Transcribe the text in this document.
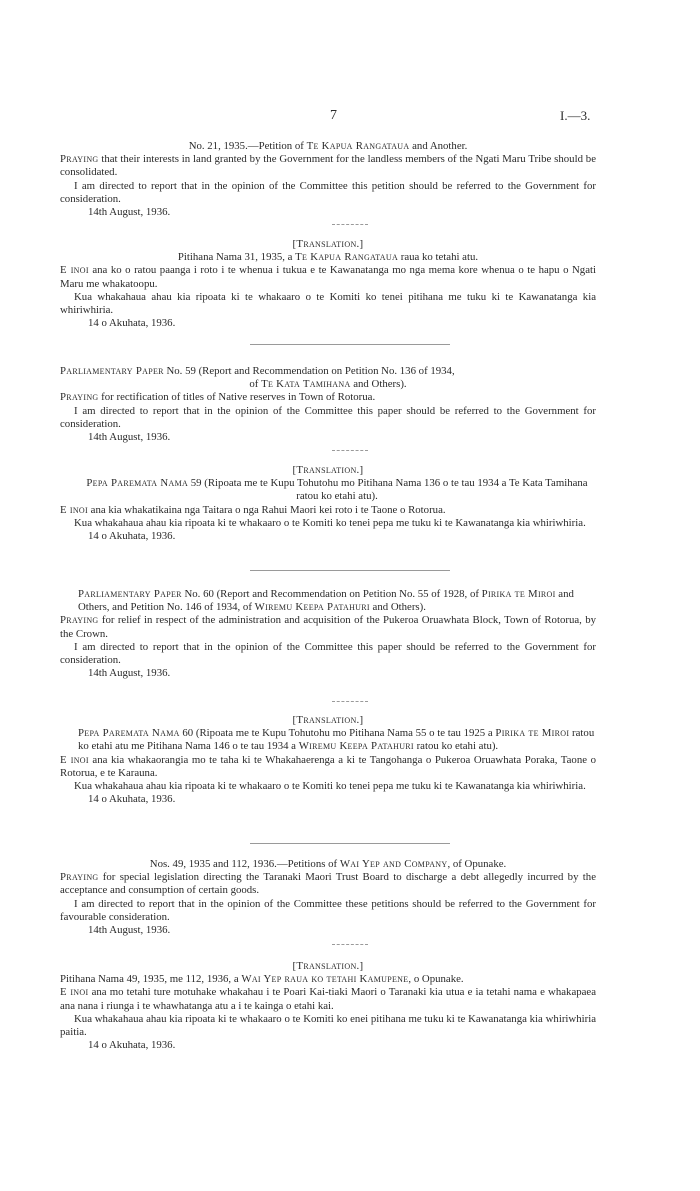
7	I.—3.

No. 21, 1935.—Petition of Te Kapua Rangataua and Another.

Praying that their interests in land granted by the Government for the landless members of the Ngati Maru Tribe should be consolidated.

I am directed to report that in the opinion of the Committee this petition should be referred to the Government for consideration.

14th August, 1936.

[Translation.]

Pitihana Nama 31, 1935, a Te Kapua Rangataua raua ko tetahi atu.

E inoi ana ko o ratou paanga i roto i te whenua i tukua e te Kawanatanga mo nga mema kore whenua o te hapu o Ngati Maru me whakatoopu.

Kua whakahaua ahau kia ripoata ki te whakaaro o te Komiti ko tenei pitihana me tuku ki te Kawanatanga kia whiriwhiria.

14 o Akuhata, 1936.

Parliamentary Paper No. 59 (Report and Recommendation on Petition No. 136 of 1934,

of Te Kata Tamihana and Others).

Praying for rectification of titles of Native reserves in Town of Rotorua.

I am directed to report that in the opinion of the Committee this paper should be referred to the Government for consideration.

14th August, 1936.

[Translation.]

Pepa Paremata Nama 59 (Ripoata me te Kupu Tohutohu mo Pitihana Nama 136 o te tau 1934 a Te Kata Tamihana ratou ko etahi atu).

E inoi ana kia whakatikaina nga Taitara o nga Rahui Maori kei roto i te Taone o Rotorua.

Kua whakahaua ahau kia ripoata ki te whakaaro o te Komiti ko tenei pepa me tuku ki te Kawanatanga kia whiriwhiria.

14 o Akuhata, 1936.

Parliamentary Paper No. 60 (Report and Recommendation on Petition No. 55 of 1928, of Pirika te Miroi and Others, and Petition No. 146 of 1934, of Wiremu Keepa Patahuri and Others).

Praying for relief in respect of the administration and acquisition of the Pukeroa Oruawhata Block, Town of Rotorua, by the Crown.

I am directed to report that in the opinion of the Committee this paper should be referred to the Government for consideration.

14th August, 1936.

[Translation.]

Pepa Paremata Nama 60 (Ripoata me te Kupu Tohutohu mo Pitihana Nama 55 o te tau 1925 a Pirika te Miroi ratou ko etahi atu me Pitihana Nama 146 o te tau 1934 a Wiremu Keepa Patahuri ratou ko etahi atu).

E inoi ana kia whakaorangia mo te taha ki te Whakahaerenga a ki te Tangohanga o Pukeroa Oruawhata Poraka, Taone o Rotorua, e te Karauna.

Kua whakahaua ahau kia ripoata ki te whakaaro o te Komiti ko tenei pepa me tuku ki te Kawanatanga kia whiriwhiria.

14 o Akuhata, 1936.

Nos. 49, 1935 and 112, 1936.—Petitions of Wai Yep and Company, of Opunake.

Praying for special legislation directing the Taranaki Maori Trust Board to discharge a debt allegedly incurred by the acceptance and consumption of certain goods.

I am directed to report that in the opinion of the Committee these petitions should be referred to the Government for favourable consideration.

14th August, 1936.

[Translation.]

Pitihana Nama 49, 1935, me 112, 1936, a Wai Yep raua ko tetahi Kamupene, o Opunake.

E inoi ana mo tetahi ture motuhake whakahau i te Poari Kai-tiaki Maori o Taranaki kia utua e ia tetahi nama e whakapaea ana nana i riunga i te whawhatanga atu a i te kainga o etahi kai.

Kua whakahaua ahau kia ripoata ki te whakaaro o te Komiti ko enei pitihana me tuku ki te Kawanatanga kia whiriwhiria paitia.

14 o Akuhata, 1936.
